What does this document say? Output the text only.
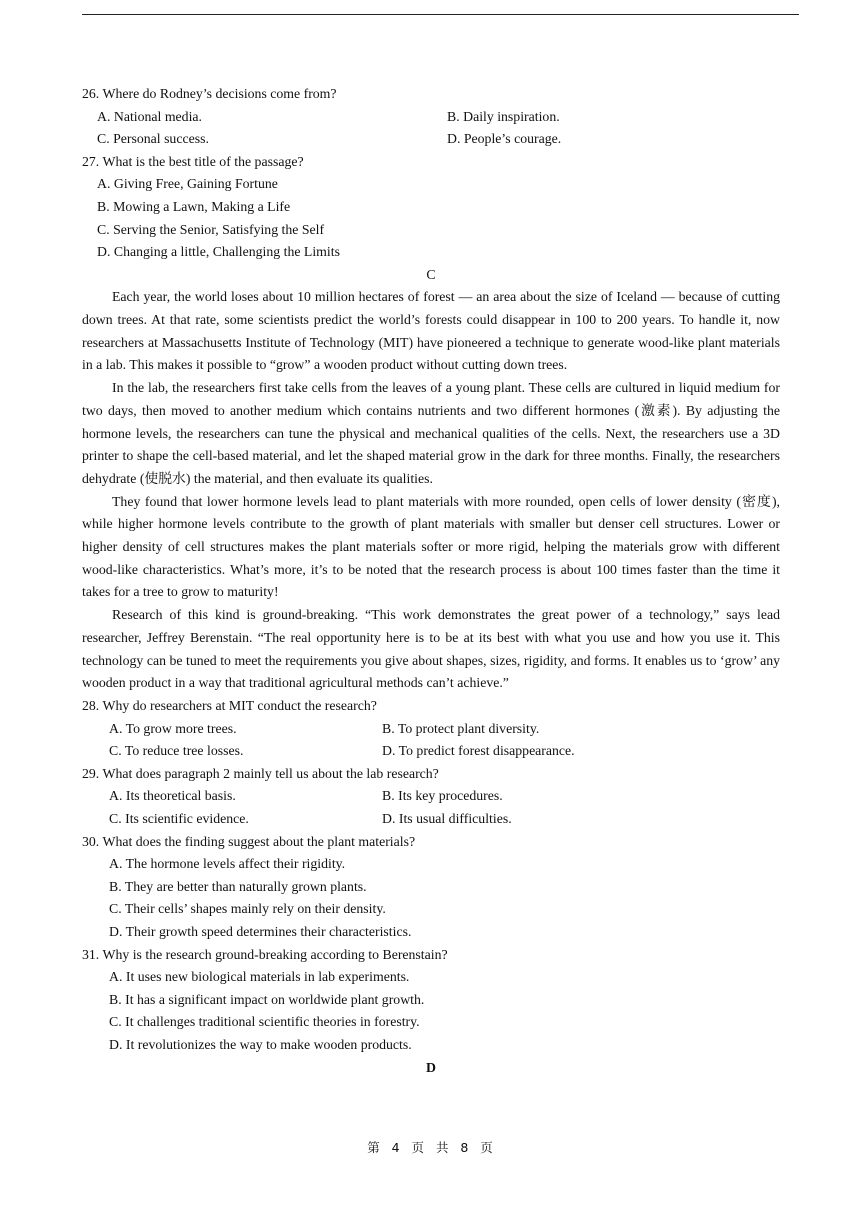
26. Where do Rodney’s decisions come from?
A. National media.	B. Daily inspiration.
C. Personal success.	D. People’s courage.
27. What is the best title of the passage?
A. Giving Free, Gaining Fortune
B. Mowing a Lawn, Making a Life
C. Serving the Senior, Satisfying the Self
D. Changing a little, Challenging the Limits
C

Each year, the world loses about 10 million hectares of forest — an area about the size of Iceland — because of cutting down trees. At that rate, some scientists predict the world’s forests could disappear in 100 to 200 years. To handle it, now researchers at Massachusetts Institute of Technology (MIT) have pioneered a technique to generate wood-like plant materials in a lab. This makes it possible to “grow” a wooden product without cutting down trees.

In the lab, the researchers first take cells from the leaves of a young plant. These cells are cultured in liquid medium for two days, then moved to another medium which contains nutrients and two different hormones (激素). By adjusting the hormone levels, the researchers can tune the physical and mechanical qualities of the cells. Next, the researchers use a 3D printer to shape the cell-based material, and let the shaped material grow in the dark for three months. Finally, the researchers dehydrate (使脱水) the material, and then evaluate its qualities.

They found that lower hormone levels lead to plant materials with more rounded, open cells of lower density (密度), while higher hormone levels contribute to the growth of plant materials with smaller but denser cell structures. Lower or higher density of cell structures makes the plant materials softer or more rigid, helping the materials grow with different wood-like characteristics. What’s more, it’s to be noted that the research process is about 100 times faster than the time it takes for a tree to grow to maturity!

Research of this kind is ground-breaking. “This work demonstrates the great power of a technology,” says lead researcher, Jeffrey Berenstain. “The real opportunity here is to be at its best with what you use and how you use it. This technology can be tuned to meet the requirements you give about shapes, sizes, rigidity, and forms. It enables us to ‘grow’ any wooden product in a way that traditional agricultural methods can’t achieve.”

28. Why do researchers at MIT conduct the research?
A. To grow more trees.	B. To protect plant diversity.
C. To reduce tree losses.	D. To predict forest disappearance.
29. What does paragraph 2 mainly tell us about the lab research?
A. Its theoretical basis.	B. Its key procedures.
C. Its scientific evidence.	D. Its usual difficulties.
30. What does the finding suggest about the plant materials?
A. The hormone levels affect their rigidity.
B. They are better than naturally grown plants.
C. Their cells’ shapes mainly rely on their density.
D. Their growth speed determines their characteristics.
31. Why is the research ground-breaking according to Berenstain?
A. It uses new biological materials in lab experiments.
B. It has a significant impact on worldwide plant growth.
C. It challenges traditional scientific theories in forestry.
D. It revolutionizes the way to make wooden products.
D
第 4 页 共 8 页
